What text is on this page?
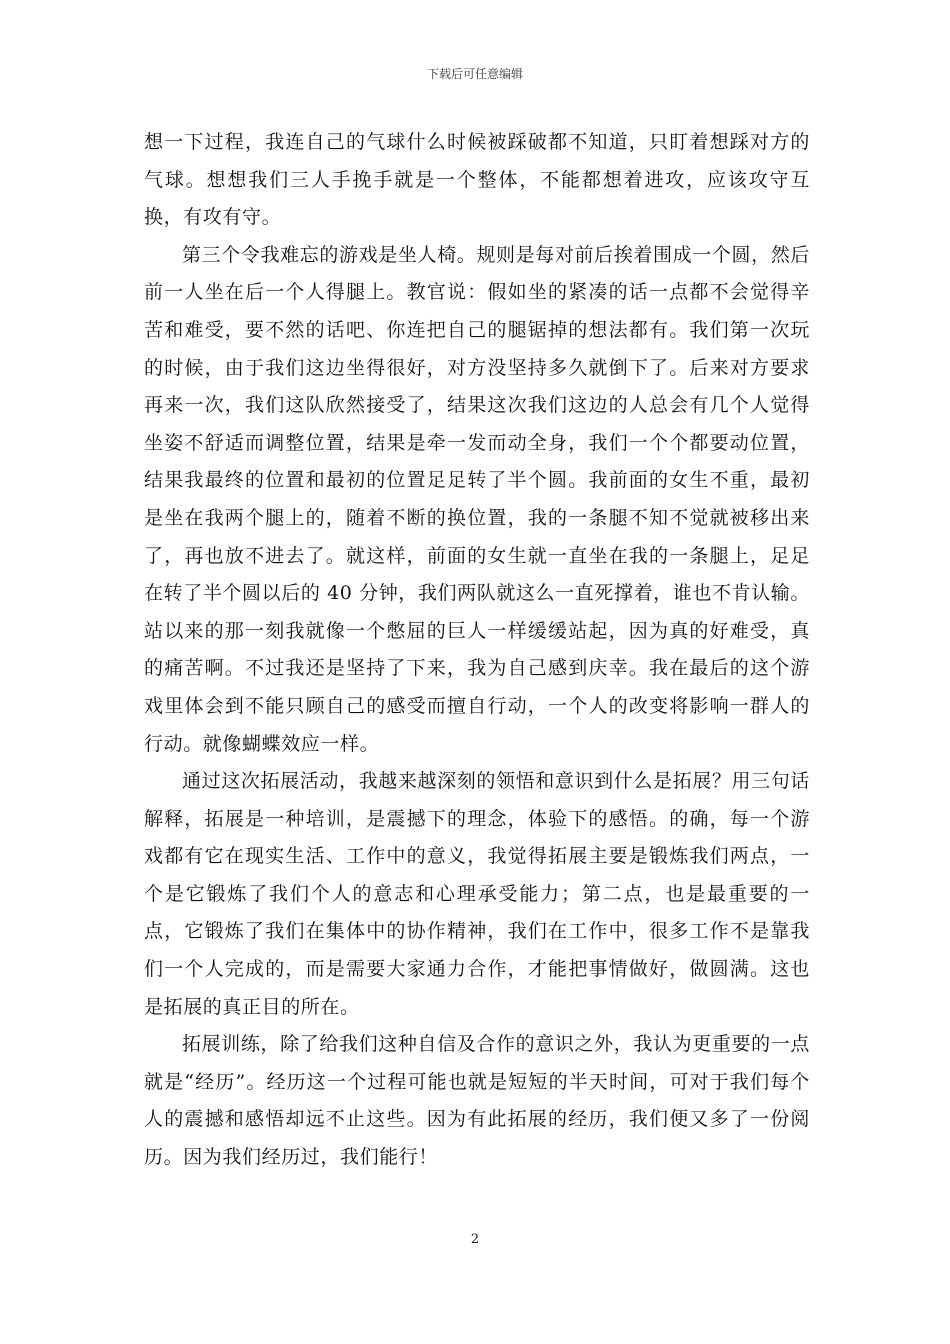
下载后可任意编辑

想一下过程，我连自己的气球什么时候被踩破都不知道，只盯着想踩对方的气球。想想我们三人手挽手就是一个整体，不能都想着进攻，应该攻守互换，有攻有守。

第三个令我难忘的游戏是坐人椅。规则是每对前后挨着围成一个圆，然后前一人坐在后一个人得腿上。教官说：假如坐的紧凑的话一点都不会觉得辛苦和难受，要不然的话吧、你连把自己的腿锯掉的想法都有。我们第一次玩的时候，由于我们这边坐得很好，对方没坚持多久就倒下了。后来对方要求再来一次，我们这队欣然接受了，结果这次我们这边的人总会有几个人觉得坐姿不舒适而调整位置，结果是牵一发而动全身，我们一个个都要动位置，结果我最终的位置和最初的位置足足转了半个圆。我前面的女生不重，最初是坐在我两个腿上的，随着不断的换位置，我的一条腿不知不觉就被移出来了，再也放不进去了。就这样，前面的女生就一直坐在我的一条腿上，足足在转了半个圆以后的 40 分钟，我们两队就这么一直死撑着，谁也不肯认输。站以来的那一刻我就像一个憋屈的巨人一样缓缓站起，因为真的好难受，真的痛苦啊。不过我还是坚持了下来，我为自己感到庆幸。我在最后的这个游戏里体会到不能只顾自己的感受而擅自行动，一个人的改变将影响一群人的行动。就像蝴蝶效应一样。

通过这次拓展活动，我越来越深刻的领悟和意识到什么是拓展？用三句话解释，拓展是一种培训，是震撼下的理念，体验下的感悟。的确，每一个游戏都有它在现实生活、工作中的意义，我觉得拓展主要是锻炼我们两点，一个是它锻炼了我们个人的意志和心理承受能力；第二点，也是最重要的一点，它锻炼了我们在集体中的协作精神，我们在工作中，很多工作不是靠我们一个人完成的，而是需要大家通力合作，才能把事情做好，做圆满。这也是拓展的真正目的所在。

拓展训练，除了给我们这种自信及合作的意识之外，我认为更重要的一点就是“经历”。经历这一个过程可能也就是短短的半天时间，可对于我们每个人的震撼和感悟却远不止这些。因为有此拓展的经历，我们便又多了一份阅历。因为我们经历过，我们能行！

2
